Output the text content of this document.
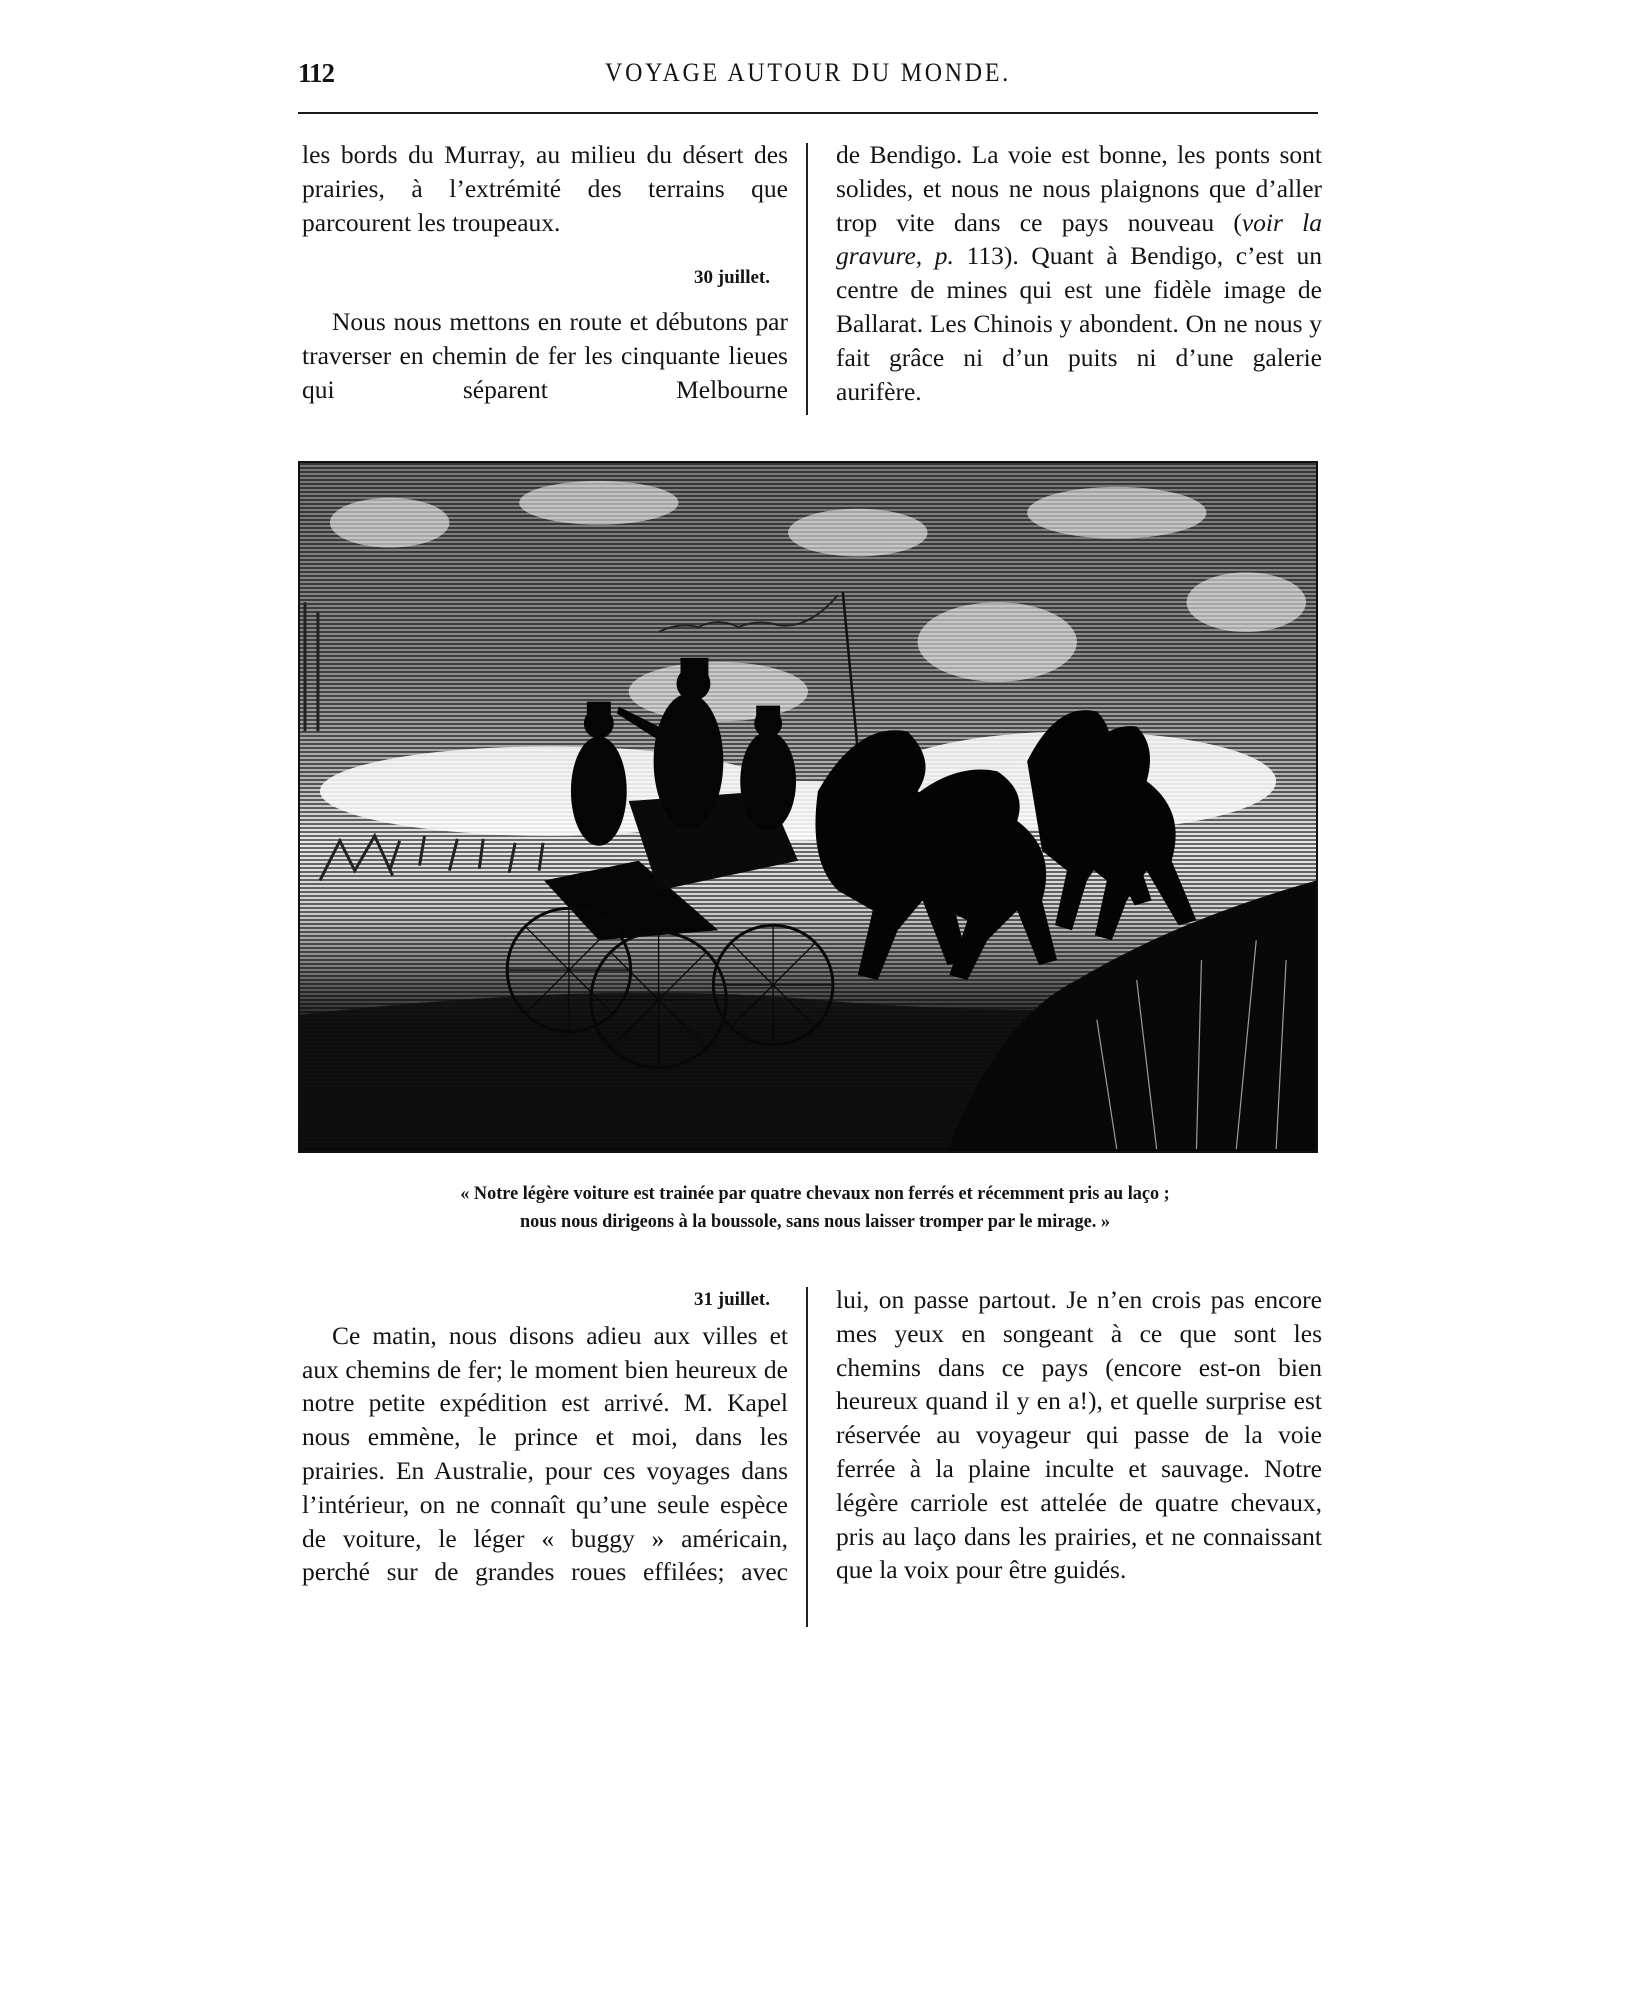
112	VOYAGE AUTOUR DU MONDE.

les bords du Murray, au milieu du désert des prairies, à l’extrémité des terrains que parcourent les troupeaux.

30 juillet.

Nous nous mettons en route et débutons par traverser en chemin de fer les cinquante lieues qui séparent Melbourne

de Bendigo. La voie est bonne, les ponts sont solides, et nous ne nous plaignons que d’aller trop vite dans ce pays nouveau (voir la gravure, p. 113). Quant à Bendigo, c’est un centre de mines qui est une fidèle image de Ballarat. Les Chinois y abondent. On ne nous y fait grâce ni d’un puits ni d’une galerie aurifère.

« Notre légère voiture est trainée par quatre chevaux non ferrés et récemment pris au laço ;
nous nous dirigeons à la boussole, sans nous laisser tromper par le mirage. »
31 juillet.

Ce matin, nous disons adieu aux villes et aux chemins de fer; le moment bien heureux de notre petite expédition est arrivé. M. Kapel nous emmène, le prince et moi, dans les prairies. En Australie, pour ces voyages dans l’intérieur, on ne connaît qu’une seule espèce de voiture, le léger « buggy » américain, perché sur de grandes roues effilées; avec

lui, on passe partout. Je n’en crois pas encore mes yeux en songeant à ce que sont les chemins dans ce pays (encore est-on bien heureux quand il y en a!), et quelle surprise est réservée au voyageur qui passe de la voie ferrée à la plaine inculte et sauvage. Notre légère carriole est attelée de quatre chevaux, pris au laço dans les prairies, et ne connaissant que la voix pour être guidés.
